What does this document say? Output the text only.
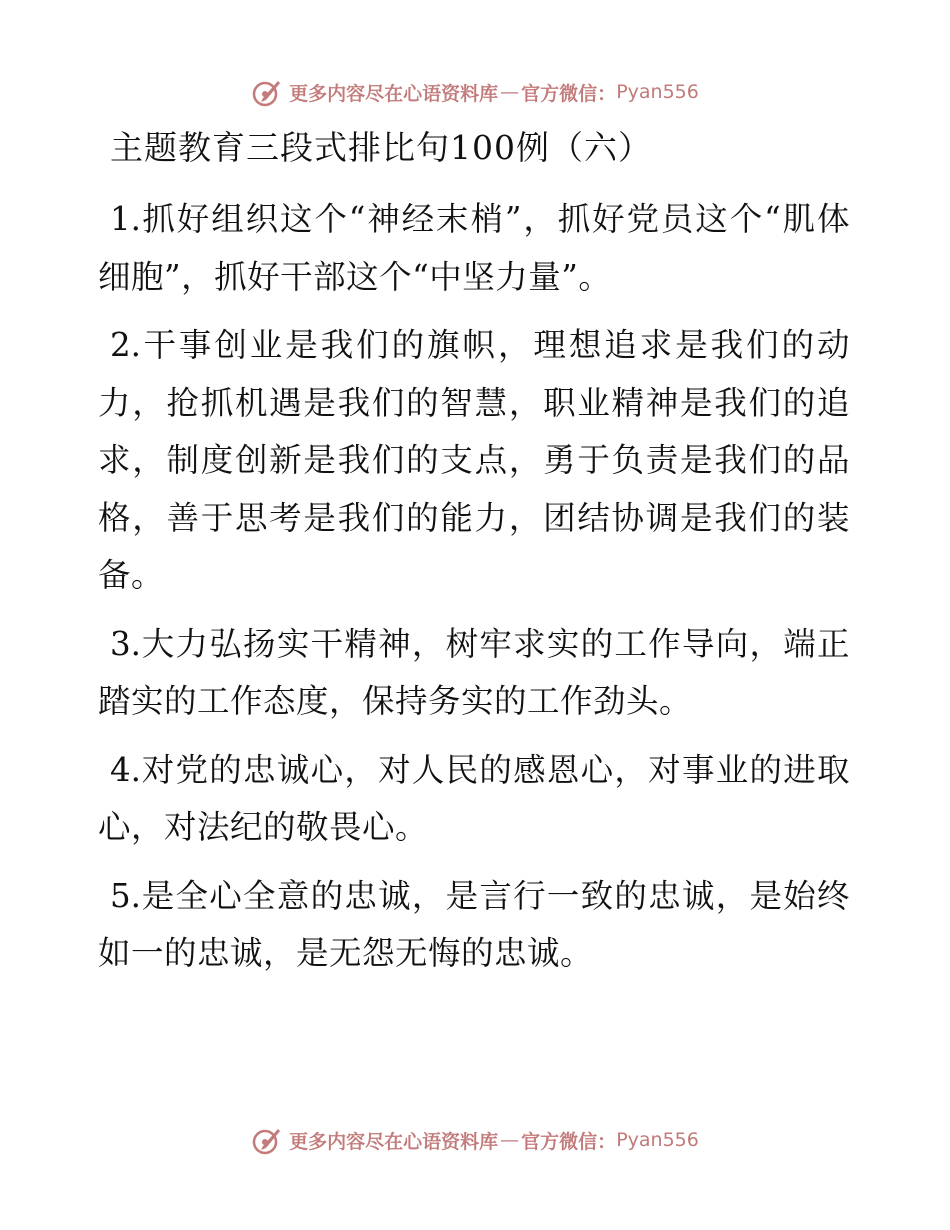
更多内容尽在心语资料库 — 官方微信： Pyan556
主题教育三段式排比句100例（六）
1.抓好组织这个“神经末梢”，抓好党员这个“肌体细胞”，抓好干部这个“中坚力量”。
2.干事创业是我们的旗帜，理想追求是我们的动力，抢抓机遇是我们的智慧，职业精神是我们的追求，制度创新是我们的支点，勇于负责是我们的品格，善于思考是我们的能力，团结协调是我们的装备。
3.大力弘扬实干精神，树牢求实的工作导向，端正踏实的工作态度，保持务实的工作劲头。
4.对党的忠诚心，对人民的感恩心，对事业的进取心，对法纪的敬畏心。
5.是全心全意的忠诚，是言行一致的忠诚，是始终如一的忠诚，是无怨无悔的忠诚。
更多内容尽在心语资料库 — 官方微信： Pyan556
